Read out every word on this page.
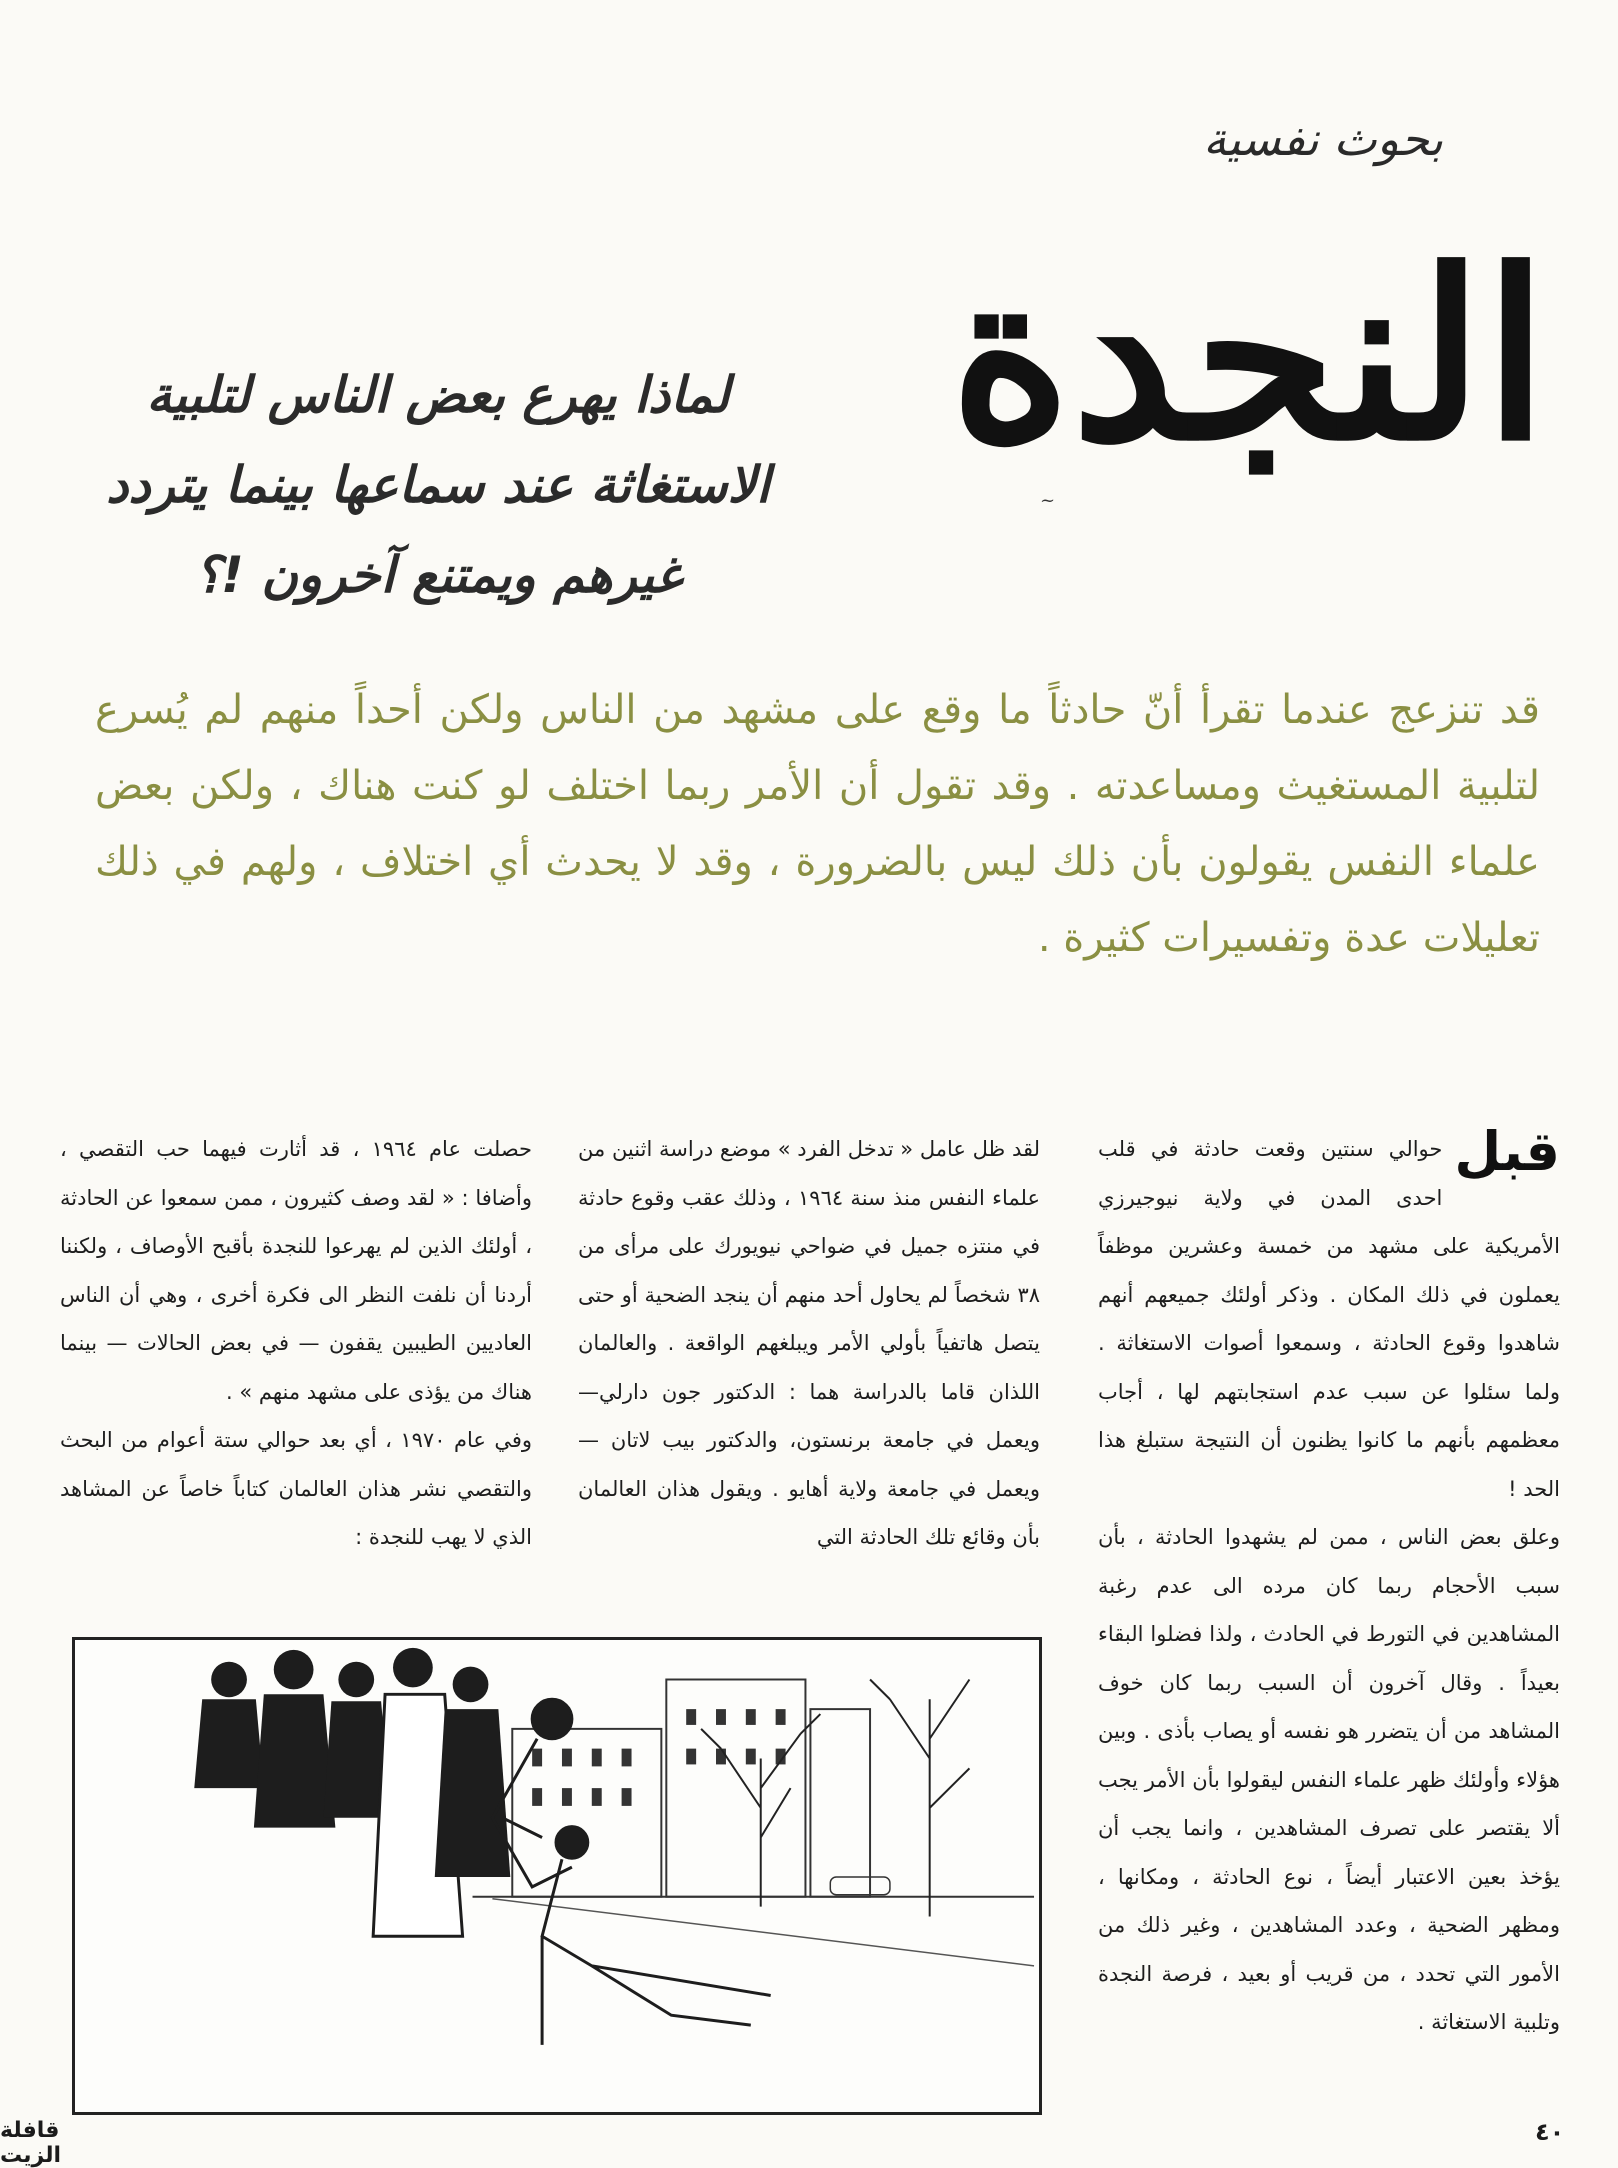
بحوث نفسية
النجدة
~
لماذا يهرع بعض الناس لتلبية الاستغاثة عند سماعها بينما يتردد غيرهم ويمتنع آخرون !؟
قد تنزعج عندما تقرأ أنّ حادثاً ما وقع على مشهد من الناس ولكن أحداً منهم لم يُسرع لتلبية المستغيث ومساعدته . وقد تقول أن الأمر ربما اختلف لو كنت هناك ، ولكن بعض علماء النفس يقولون بأن ذلك ليس بالضرورة ، وقد لا يحدث أي اختلاف ، ولهم في ذلك تعليلات عدة وتفسيرات كثيرة .
قبل

حوالي سنتين وقعت حادثة في قلب احدى المدن في ولاية نيوجيرزي الأمريكية على مشهد من خمسة وعشرين موظفاً يعملون في ذلك المكان . وذكر أولئك جميعهم أنهم شاهدوا وقوع الحادثة ، وسمعوا أصوات الاستغاثة . ولما سئلوا عن سبب عدم استجابتهم لها ، أجاب معظمهم بأنهم ما كانوا يظنون أن النتيجة ستبلغ هذا الحد !

وعلق بعض الناس ، ممن لم يشهدوا الحادثة ، بأن سبب الأحجام ربما كان مرده الى عدم رغبة المشاهدين في التورط في الحادث ، ولذا فضلوا البقاء بعيداً . وقال آخرون أن السبب ربما كان خوف المشاهد من أن يتضرر هو نفسه أو يصاب بأذى . وبين هؤلاء وأولئك ظهر علماء النفس ليقولوا بأن الأمر يجب ألا يقتصر على تصرف المشاهدين ، وانما يجب أن يؤخذ بعين الاعتبار أيضاً ، نوع الحادثة ، ومكانها ، ومظهر الضحية ، وعدد المشاهدين ، وغير ذلك من الأمور التي تحدد ، من قريب أو بعيد ، فرصة النجدة وتلبية الاستغاثة .

لقد ظل عامل « تدخل الفرد » موضع دراسة اثنين من علماء النفس منذ سنة ١٩٦٤ ، وذلك عقب وقوع حادثة في منتزه جميل في ضواحي نيويورك على مرأى من ٣٨ شخصاً لم يحاول أحد منهم أن ينجد الضحية أو حتى يتصل هاتفياً بأولي الأمر ويبلغهم الواقعة . والعالمان اللذان قاما بالدراسة هما : الدكتور جون دارلي—ويعمل في جامعة برنستون، والدكتور بيب لاتان — ويعمل في جامعة ولاية أهايو . ويقول هذان العالمان بأن وقائع تلك الحادثة التي

حصلت عام ١٩٦٤ ، قد أثارت فيهما حب التقصي ، وأضافا : « لقد وصف كثيرون ، ممن سمعوا عن الحادثة ، أولئك الذين لم يهرعوا للنجدة بأقبح الأوصاف ، ولكننا أردنا أن نلفت النظر الى فكرة أخرى ، وهي أن الناس العاديين الطيبين يقفون — في بعض الحالات — بينما هناك من يؤذى على مشهد منهم » .

وفي عام ١٩٧٠ ، أي بعد حوالي ستة أعوام من البحث والتقصي نشر هذان العالمان كتاباً خاصاً عن المشاهد الذي لا يهب للنجدة :

٤٠
قافلة الزيت
